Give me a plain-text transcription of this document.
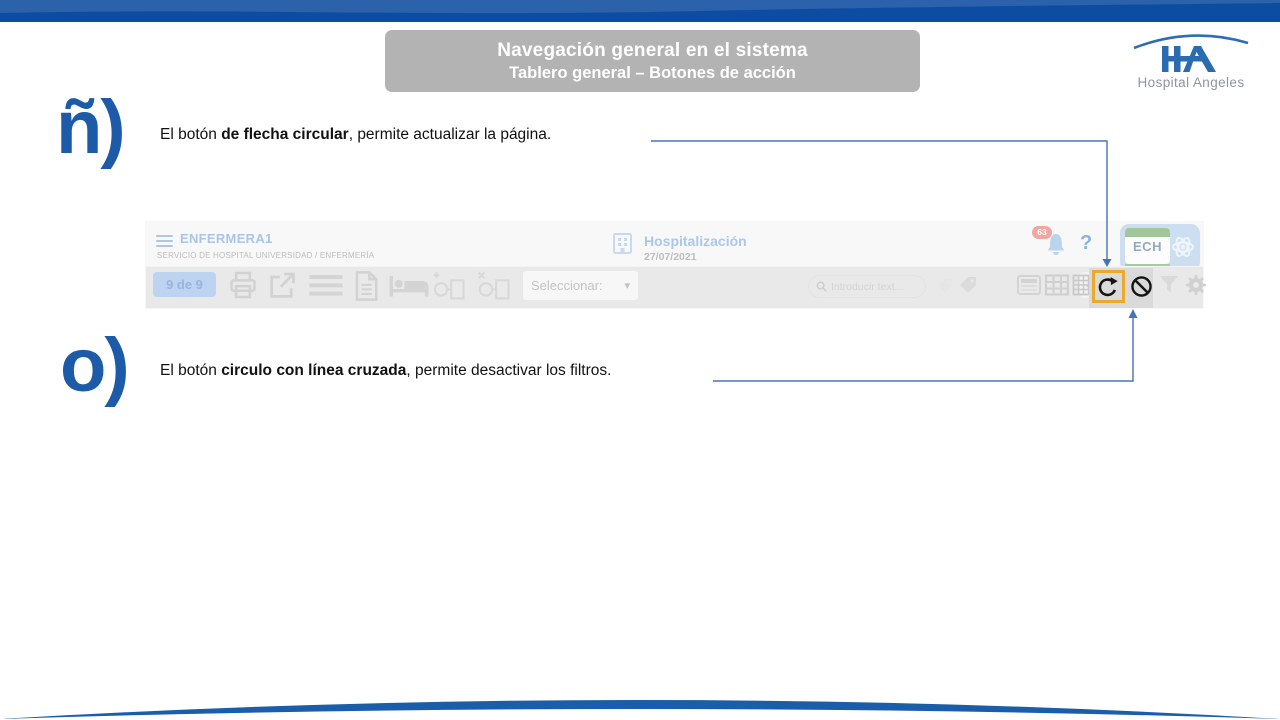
Navegación general en el sistema
Tablero general – Botones de acción
Hospital Angeles
ñ) El botón de flecha circular, permite actualizar la página.
o) El botón circulo con línea cruzada, permite desactivar los filtros.
ENFERMERA1
SERVICIO DE HOSPITAL UNIVERSIDAD / ENFERMERÍA
Hospitalización
27/07/2021
63 ?	ECH
9 de 9	Seleccionar: ▾
Introducir text...
